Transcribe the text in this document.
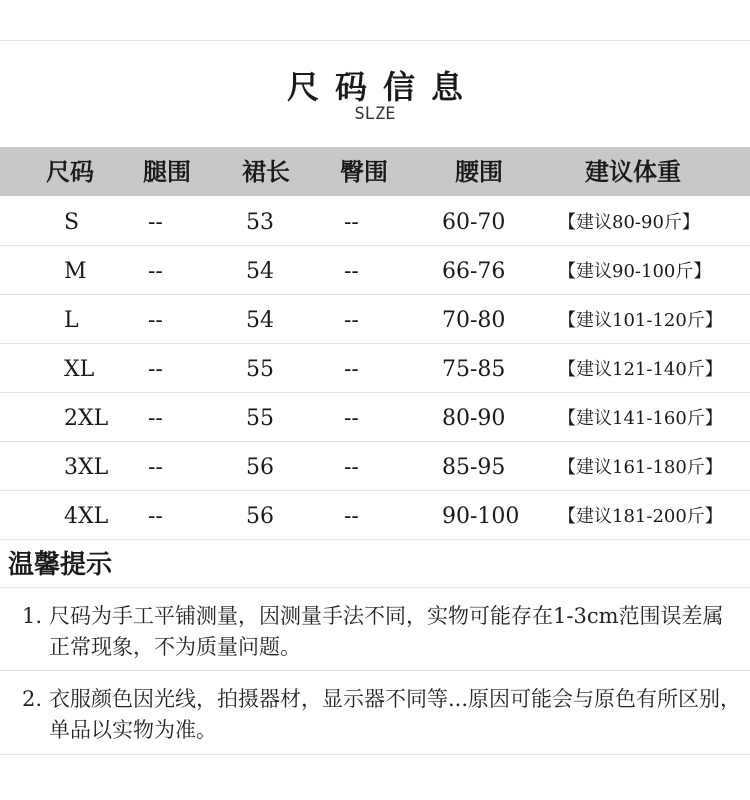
尺码信息
SLZE
尺码 腿围 裙长 臀围	腰围	建议体重
S	--	53	--	60-70	【建议80-90斤】
M	--	54	--	66-76	【建议90-100斤】
L	--	54	--	70-80	【建议101-120斤】
XL --	55	--	75-85	【建议121-140斤】
2XL --	55	--	80-90	【建议141-160斤】
3XL --	56	--	85-95	【建议161-180斤】
4XL --	56	--	90-100 【建议181-200斤】
温馨提示
1. 尺码为手工平铺测量，因测量手法不同，实物可能存在1-3cm范围误差属正常现象，不为质量问题。
2. 衣服颜色因光线，拍摄器材，显示器不同等...原因可能会与原色有所区别，单品以实物为准。
